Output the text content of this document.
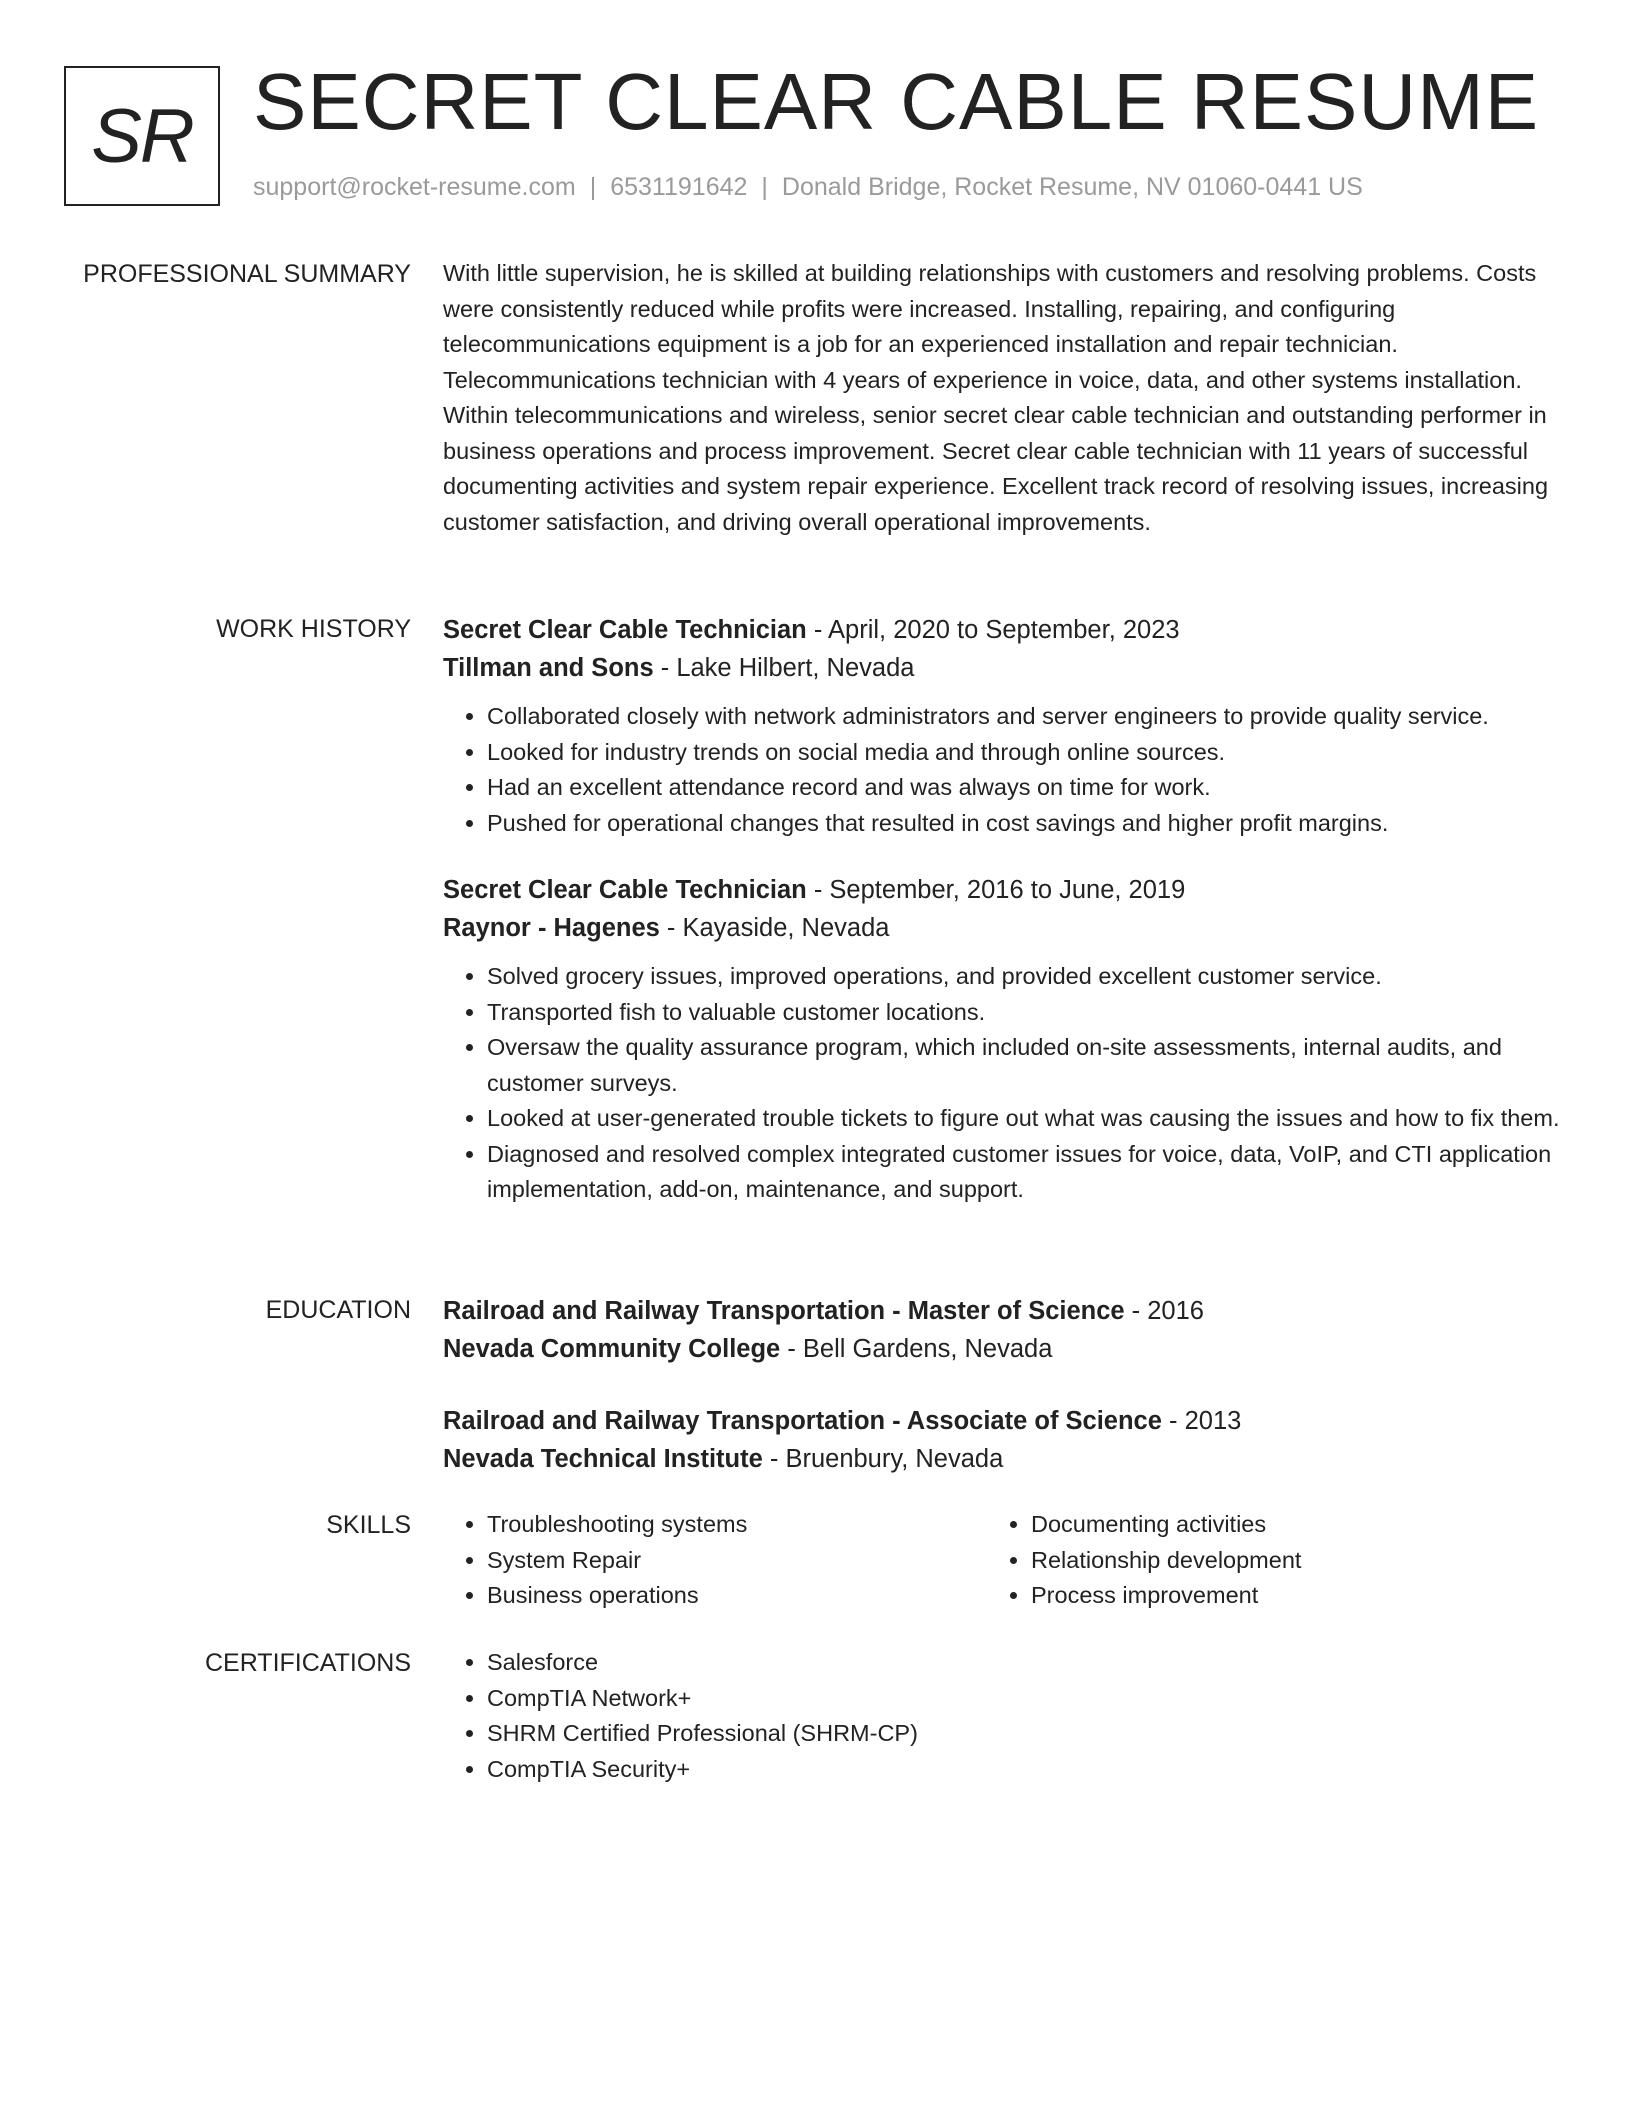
SR SECRET CLEAR CABLE RESUME
support@rocket-resume.com | 6531191642 | Donald Bridge, Rocket Resume, NV 01060-0441 US
PROFESSIONAL SUMMARY With little supervision, he is skilled at building relationships with customers and resolving problems. Costs were consistently reduced while profits were increased. Installing, repairing, and configuring telecommunications equipment is a job for an experienced installation and repair technician. Telecommunications technician with 4 years of experience in voice, data, and other systems installation. Within telecommunications and wireless, senior secret clear cable technician and outstanding performer in business operations and process improvement. Secret clear cable technician with 11 years of successful documenting activities and system repair experience. Excellent track record of resolving issues, increasing customer satisfaction, and driving overall operational improvements.

WORK HISTORY Secret Clear Cable Technician - April, 2020 to September, 2023
Tillman and Sons - Lake Hilbert, Nevada
• Collaborated closely with network administrators and server engineers to provide quality service.
• Looked for industry trends on social media and through online sources.
• Had an excellent attendance record and was always on time for work.
• Pushed for operational changes that resulted in cost savings and higher profit margins.
Secret Clear Cable Technician - September, 2016 to June, 2019
Raynor - Hagenes - Kayaside, Nevada
• Solved grocery issues, improved operations, and provided excellent customer service.
• Transported fish to valuable customer locations.
• Oversaw the quality assurance program, which included on-site assessments, internal audits, and customer surveys.
• Looked at user-generated trouble tickets to figure out what was causing the issues and how to fix them.
• Diagnosed and resolved complex integrated customer issues for voice, data, VoIP, and CTI application implementation, add-on, maintenance, and support.
EDUCATION Railroad and Railway Transportation - Master of Science - 2016
Nevada Community College - Bell Gardens, Nevada
Railroad and Railway Transportation - Associate of Science - 2013
Nevada Technical Institute - Bruenbury, Nevada
SKILLS	• Troubleshooting systems
• System Repair
• Business operations
• Documenting activities
• Relationship development
• Process improvement
CERTIFICATIONS	• Salesforce
• CompTIA Network+
• SHRM Certified Professional (SHRM-CP)
• CompTIA Security+
